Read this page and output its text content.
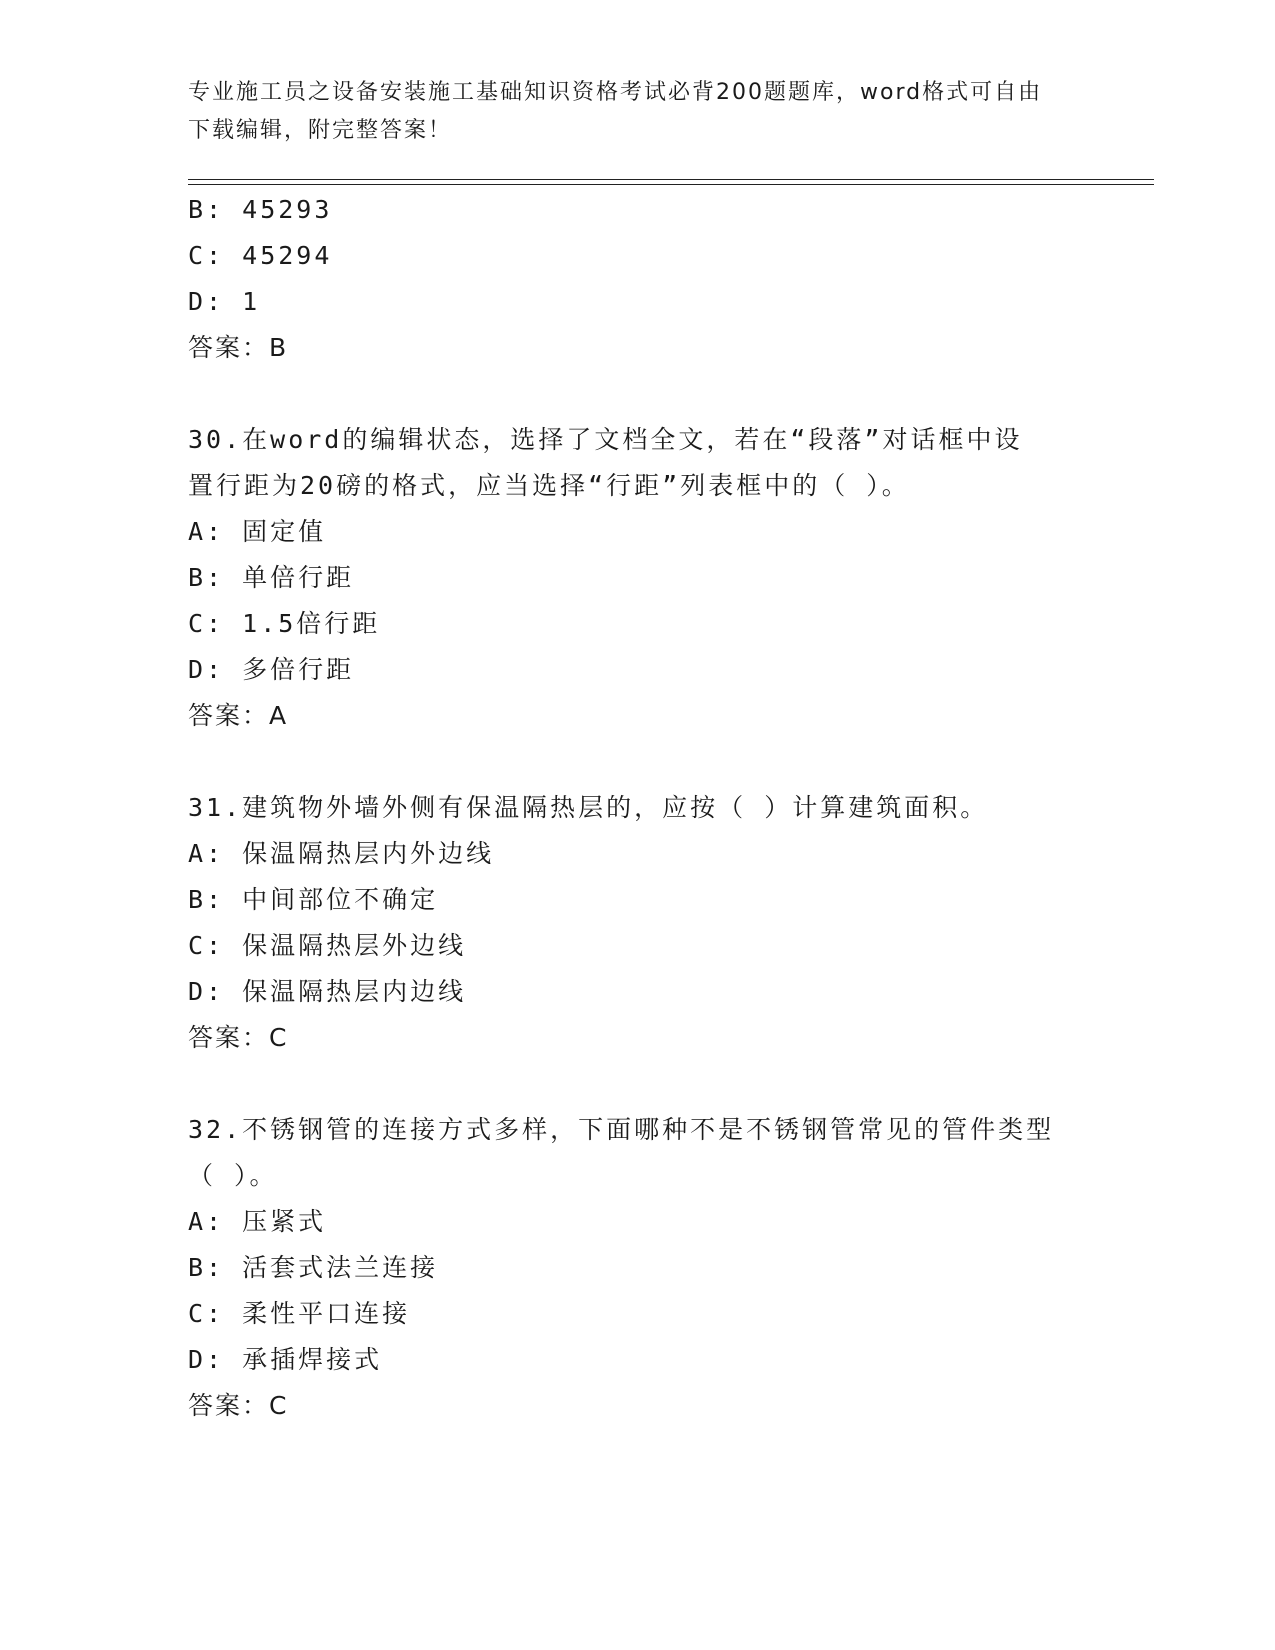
专业施工员之设备安装施工基础知识资格考试必背200题题库，word格式可自由
下载编辑，附完整答案！
B: 45293
C: 45294
D: 1
答案：B
30.在word的编辑状态，选择了文档全文，若在“段落”对话框中设
置行距为20磅的格式，应当选择“行距”列表框中的（ ）。
A: 固定值
B: 单倍行距
C: 1.5倍行距
D: 多倍行距
答案：A
31.建筑物外墙外侧有保温隔热层的，应按（ ）计算建筑面积。
A: 保温隔热层内外边线
B: 中间部位不确定
C: 保温隔热层外边线
D: 保温隔热层内边线
答案：C
32.不锈钢管的连接方式多样，下面哪种不是不锈钢管常见的管件类型
（ ）。
A: 压紧式
B: 活套式法兰连接
C: 柔性平口连接
D: 承插焊接式
答案：C
